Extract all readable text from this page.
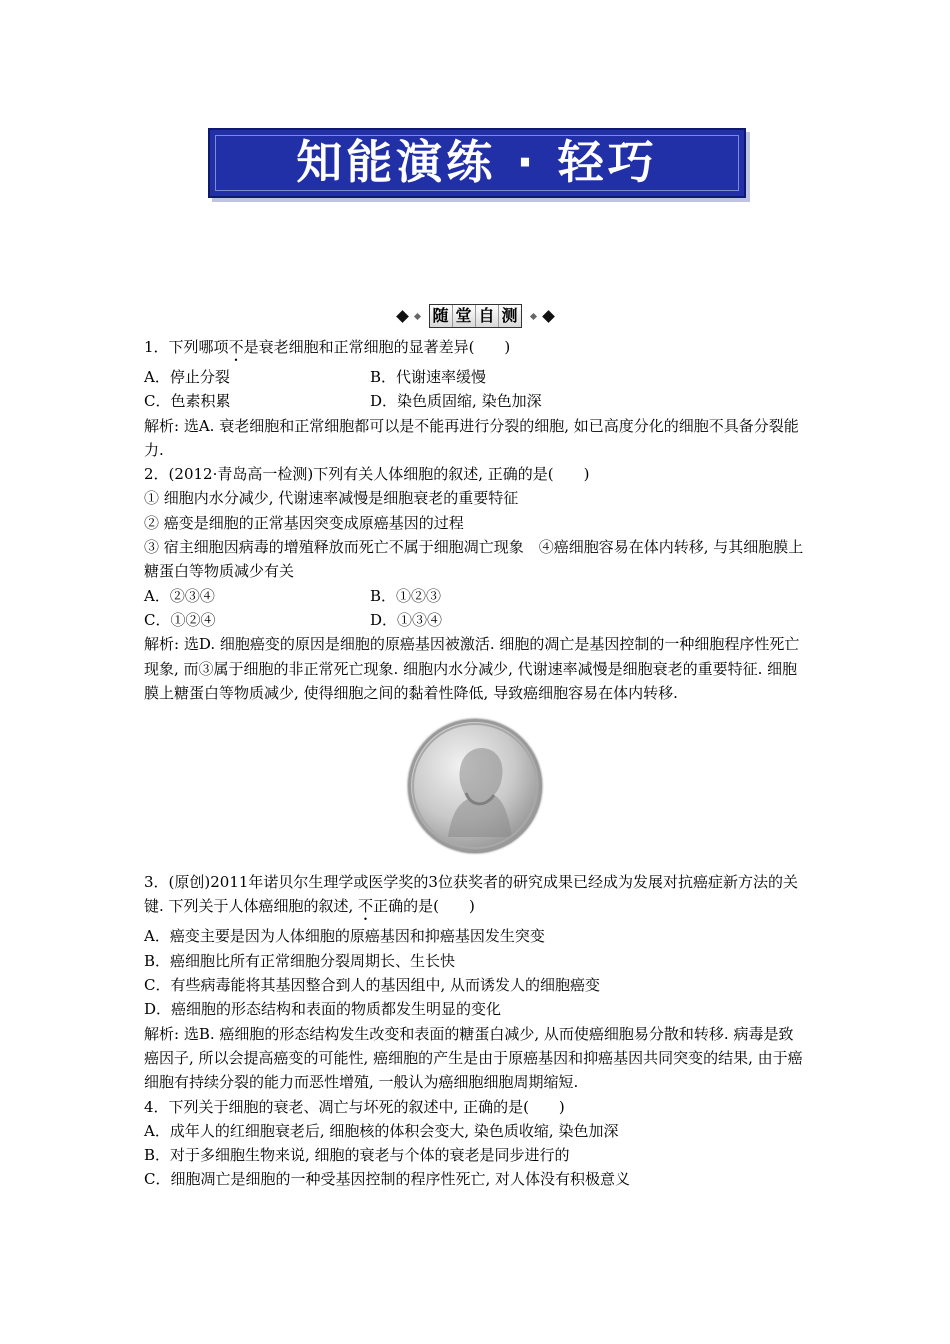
知能演练 · 轻巧
随 堂 自 测

1．下列哪项不是衰老细胞和正常细胞的显著差异(　　)

A．停止分裂	B．代谢速率缓慢
C．色素积累	D．染色质固缩, 染色加深

解析: 选A. 衰老细胞和正常细胞都可以是不能再进行分裂的细胞, 如已高度分化的细胞不具备分裂能力.

2．(2012·青岛高一检测)下列有关人体细胞的叙述, 正确的是(　　)

① 细胞内水分减少, 代谢速率减慢是细胞衰老的重要特征

② 癌变是细胞的正常基因突变成原癌基因的过程

③ 宿主细胞因病毒的增殖释放而死亡不属于细胞凋亡现象　④癌细胞容易在体内转移, 与其细胞膜上糖蛋白等物质减少有关

A．②③④	B．①②③
C．①②④	D．①③④

解析: 选D. 细胞癌变的原因是细胞的原癌基因被激活. 细胞的凋亡是基因控制的一种细胞程序性死亡现象, 而③属于细胞的非正常死亡现象. 细胞内水分减少, 代谢速率减慢是细胞衰老的重要特征. 细胞膜上糖蛋白等物质减少, 使得细胞之间的黏着性降低, 导致癌细胞容易在体内转移.

3．(原创)2011年诺贝尔生理学或医学奖的3位获奖者的研究成果已经成为发展对抗癌症新方法的关键. 下列关于人体癌细胞的叙述, 不正确的是(　　)

A．癌变主要是因为人体细胞的原癌基因和抑癌基因发生突变

B．癌细胞比所有正常细胞分裂周期长、生长快

C．有些病毒能将其基因整合到人的基因组中, 从而诱发人的细胞癌变

D．癌细胞的形态结构和表面的物质都发生明显的变化

解析: 选B. 癌细胞的形态结构发生改变和表面的糖蛋白减少, 从而使癌细胞易分散和转移. 病毒是致癌因子, 所以会提高癌变的可能性, 癌细胞的产生是由于原癌基因和抑癌基因共同突变的结果, 由于癌细胞有持续分裂的能力而恶性增殖, 一般认为癌细胞细胞周期缩短.

4．下列关于细胞的衰老、凋亡与坏死的叙述中, 正确的是(　　)

A．成年人的红细胞衰老后, 细胞核的体积会变大, 染色质收缩, 染色加深

B．对于多细胞生物来说, 细胞的衰老与个体的衰老是同步进行的

C．细胞凋亡是细胞的一种受基因控制的程序性死亡, 对人体没有积极意义
